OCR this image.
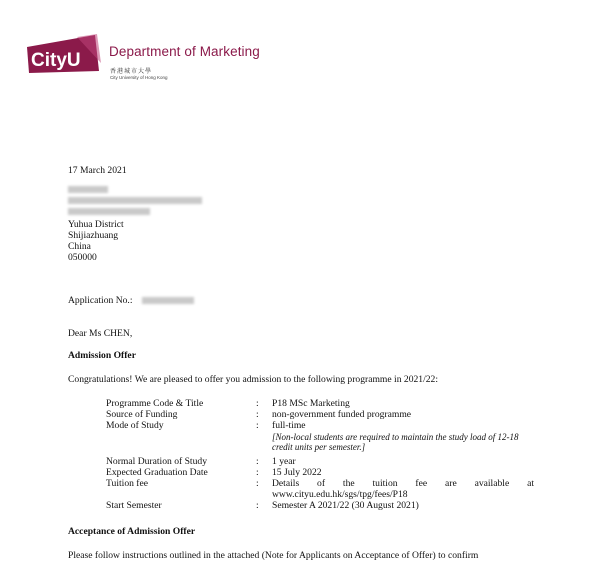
CityU Department of Marketing
香港城市大學
City University of Hong Kong
17 March 2021
Yuhua District
Shijiazhuang
China
050000
Application No.:
Dear Ms CHEN,
Admission Offer
Congratulations! We are pleased to offer you admission to the following programme in 2021/22:
Programme Code & Title	: P18 MSc Marketing
Source of Funding	: non-government funded programme
Mode of Study	: full-time
[Non-local students are required to maintain the study load of 12-18
credit units per semester.]
Normal Duration of Study	: 1 year
Expected Graduation Date	: 15 July 2022
Tuition fee	: Details of the tuition fee are available at
www.cityu.edu.hk/sgs/tpg/fees/P18
Start Semester	: Semester A 2021/22 (30 August 2021)
Acceptance of Admission Offer
Please follow instructions outlined in the attached (Note for Applicants on Acceptance of Offer) to confirm
